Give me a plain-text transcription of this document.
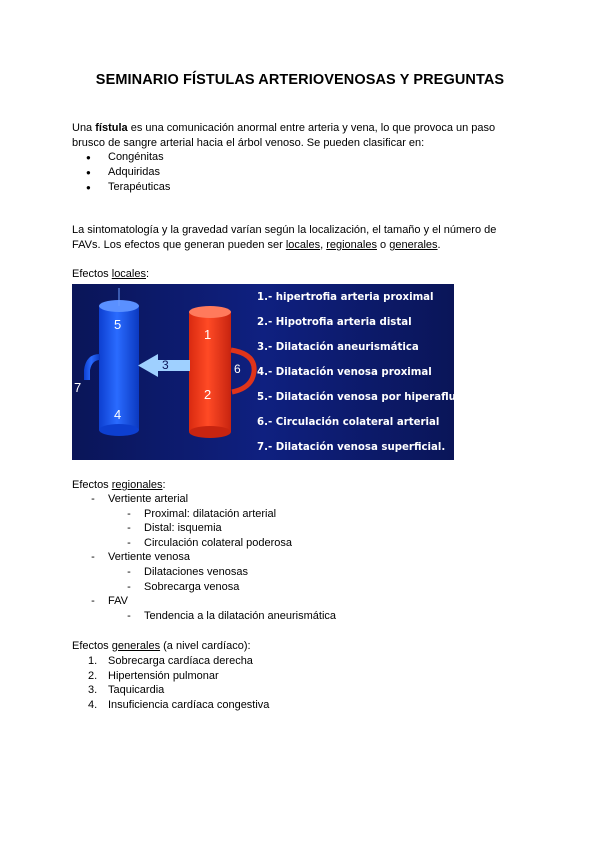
SEMINARIO FÍSTULAS ARTERIOVENOSAS Y PREGUNTAS
Una fístula es una comunicación anormal entre arteria y vena, lo que provoca un paso
brusco de sangre arterial hacia el árbol venoso. Se pueden clasificar en:
● Congénitas
● Adquiridas
● Terapéuticas
La sintomatología y la gravedad varían según la localización, el tamaño y el número de
FAVs. Los efectos que generan pueden ser locales, regionales o generales.
Efectos locales:
1
2
3
4
5
6
7
1.- hipertrofia arteria proximal
2.- Hipotrofia arteria distal
3.- Dilatación aneurismática
4.- Dilatación venosa proximal
5.- Dilatación venosa por hiperaflujo
6.- Circulación colateral arterial
7.- Dilatación venosa superficial.
Efectos regionales:
- Vertiente arterial
- Proximal: dilatación arterial
- Distal: isquemia
- Circulación colateral poderosa
- Vertiente venosa
- Dilataciones venosas
- Sobrecarga venosa
- FAV
- Tendencia a la dilatación aneurismática
Efectos generales (a nivel cardíaco):
1. Sobrecarga cardíaca derecha
2. Hipertensión pulmonar
3. Taquicardia
4. Insuficiencia cardíaca congestiva
